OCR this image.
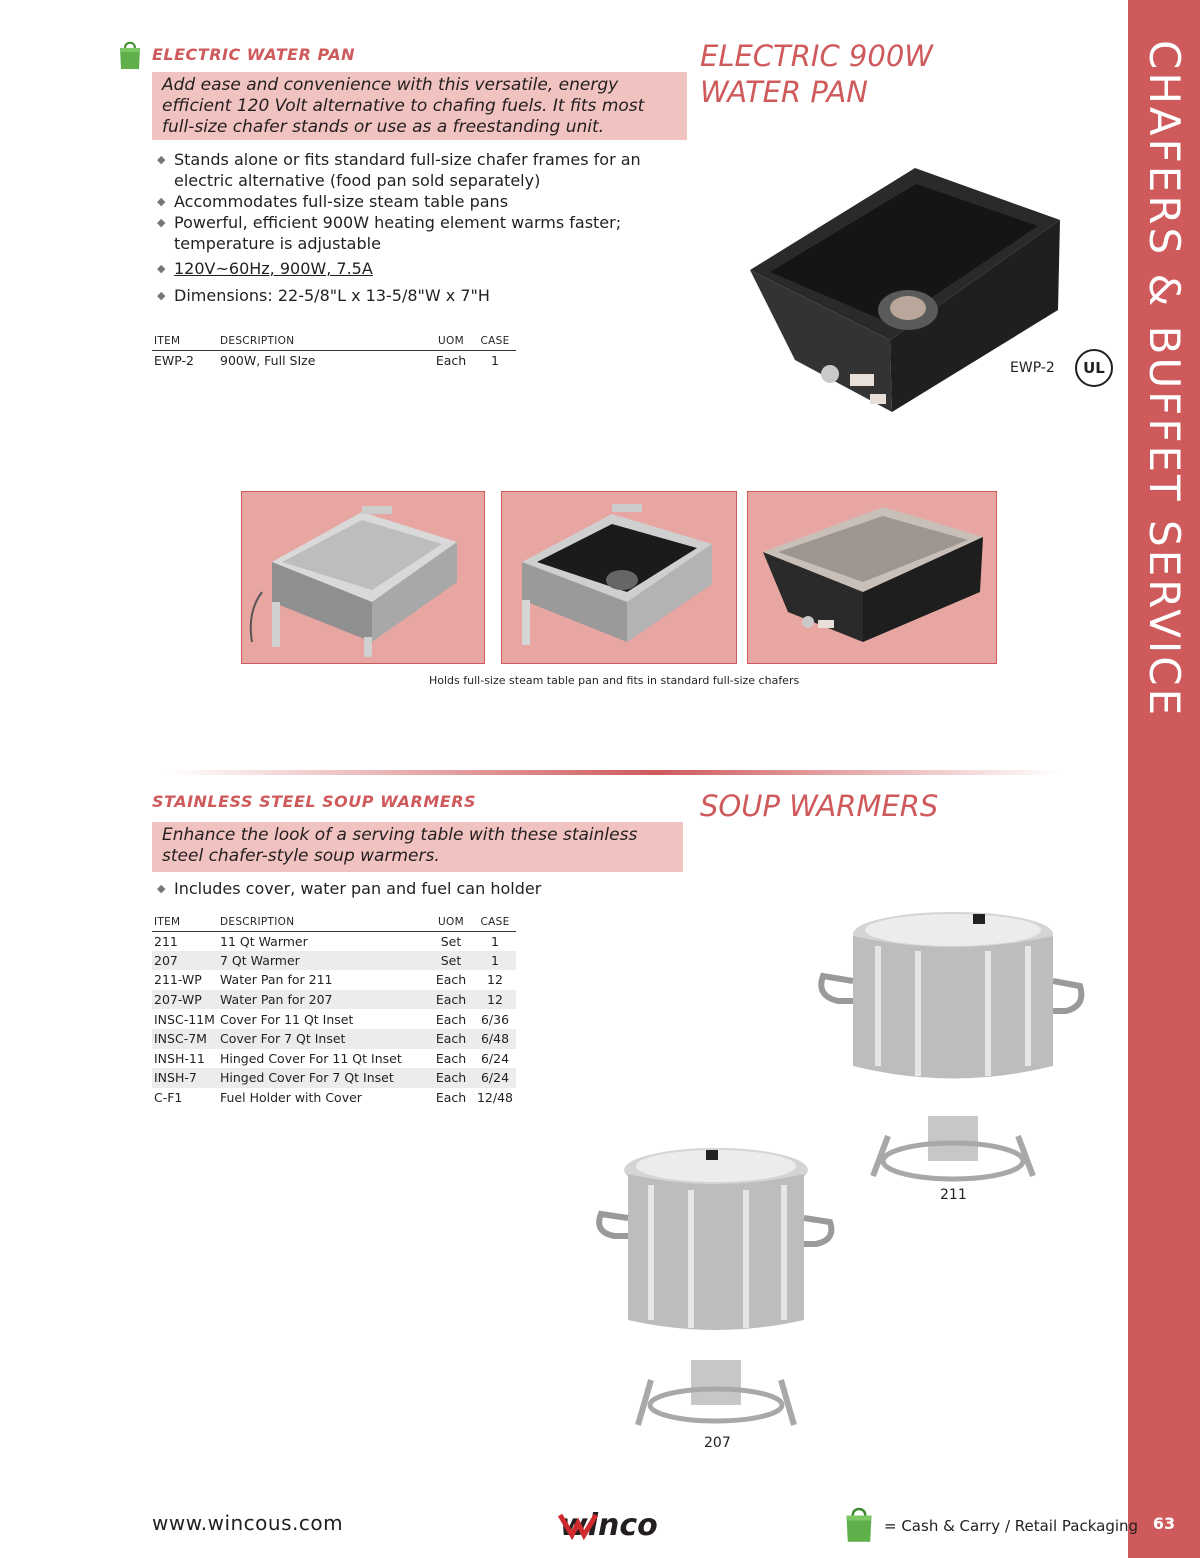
CHAFERS & BUFFET SERVICE
63
ELECTRIC WATER PAN	ELECTRIC 900W
WATER PAN
Add ease and convenience with this versatile, energy efficient 120 Volt alternative to chafing fuels. It fits most full-size chafer stands or use as a freestanding unit.
◆ Stands alone or fits standard full-size chafer frames for an electric alternative (food pan sold separately)
◆ Accommodates full-size steam table pans
◆ Powerful, efficient 900W heating element warms faster; temperature is adjustable
◆ 120V~60Hz, 900W, 7.5A
◆ Dimensions: 22-5/8"L x 13-5/8"W x 7"H
ITEM	DESCRIPTION	UOM	CASE
EWP-2	900W, Full SIze	Each	1	EWP-2 UL
Holds full-size steam table pan and fits in standard full-size chafers
STAINLESS STEEL SOUP WARMERS	SOUP WARMERS
Enhance the look of a serving table with these stainless steel chafer-style soup warmers.
◆ Includes cover, water pan and fuel can holder
ITEM	DESCRIPTION	UOM	CASE
211	11 Qt Warmer	Set	1
207	7 Qt Warmer	Set	1
211-WP	Water Pan for 211	Each	12
207-WP	Water Pan for 207	Each	12
INSC-11M	Cover For 11 Qt Inset	Each	6/36
INSC-7M	Cover For 7 Qt Inset	Each	6/48
INSH-11	Hinged Cover For 11 Qt Inset	Each	6/24
INSH-7	Hinged Cover For 7 Qt Inset	Each	6/24
C-F1	Fuel Holder with Cover	Each	12/48
211
207
www.wincous.com	winco	= Cash & Carry / Retail Packaging
